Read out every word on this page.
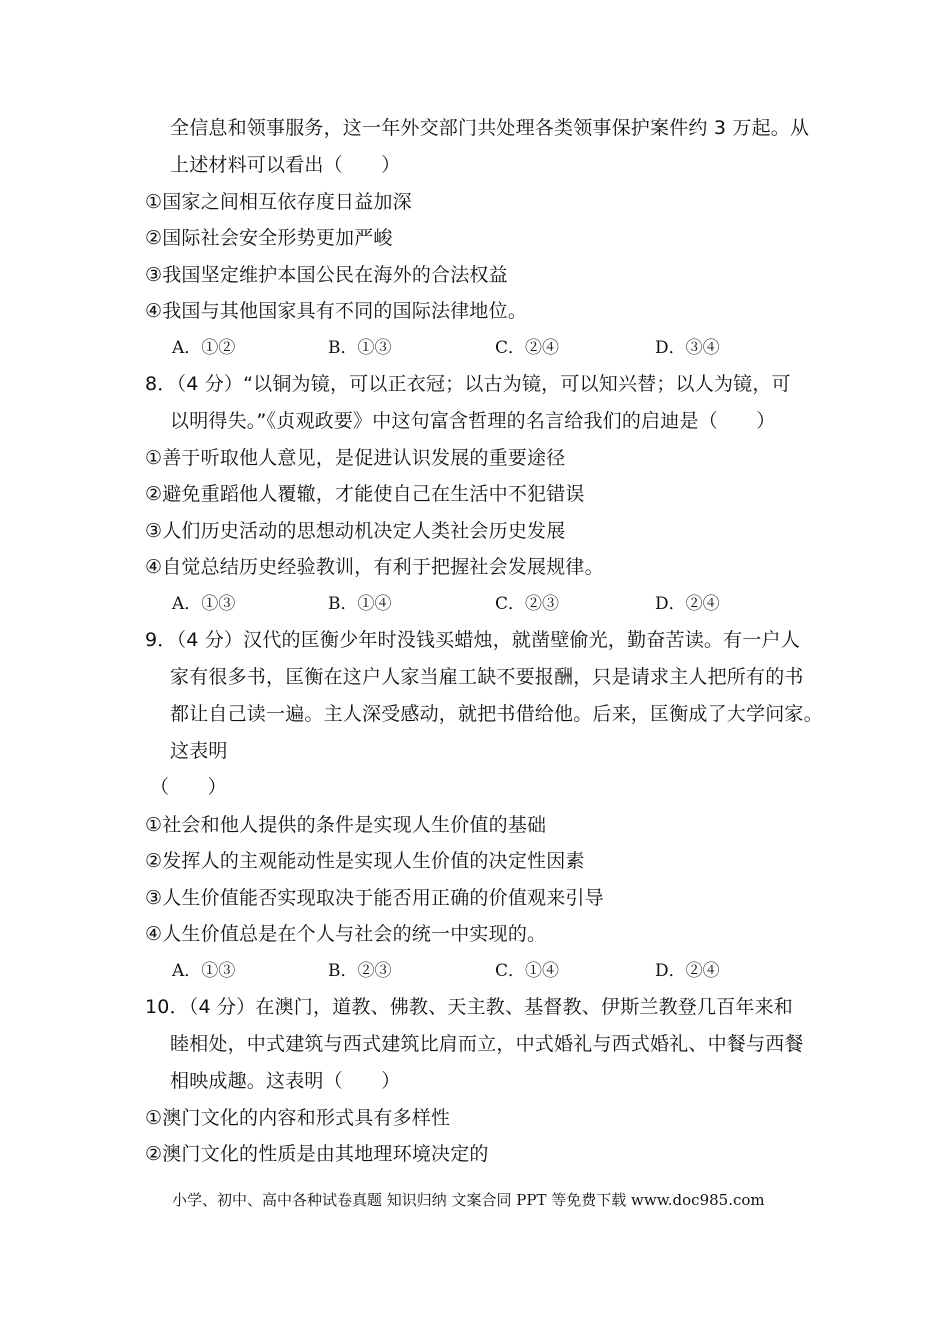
全信息和领事服务，这一年外交部门共处理各类领事保护案件约 3 万起。从
上述材料可以看出（　　）
①国家之间相互依存度日益加深
②国际社会安全形势更加严峻
③我国坚定维护本国公民在海外的合法权益
④我国与其他国家具有不同的国际法律地位。
A．①②	B．①③	C．②④	D．③④
8．（4 分）“以铜为镜，可以正衣冠；以古为镜，可以知兴替；以人为镜，可
以明得失。”《贞观政要》中这句富含哲理的名言给我们的启迪是（　　）
①善于听取他人意见，是促进认识发展的重要途径
②避免重蹈他人覆辙，才能使自己在生活中不犯错误
③人们历史活动的思想动机决定人类社会历史发展
④自觉总结历史经验教训，有利于把握社会发展规律。
A．①③	B．①④	C．②③	D．②④
9．（4 分）汉代的匡衡少年时没钱买蜡烛，就凿壁偷光，勤奋苦读。有一户人
家有很多书，匡衡在这户人家当雇工缺不要报酬，只是请求主人把所有的书
都让自己读一遍。主人深受感动，就把书借给他。后来，匡衡成了大学问家。
这表明
（　　）
①社会和他人提供的条件是实现人生价值的基础
②发挥人的主观能动性是实现人生价值的决定性因素
③人生价值能否实现取决于能否用正确的价值观来引导
④人生价值总是在个人与社会的统一中实现的。
A．①③	B．②③	C．①④	D．②④
10．（4 分）在澳门，道教、佛教、天主教、基督教、伊斯兰教登几百年来和
睦相处，中式建筑与西式建筑比肩而立，中式婚礼与西式婚礼、中餐与西餐
相映成趣。这表明（　　）
①澳门文化的内容和形式具有多样性
②澳门文化的性质是由其地理环境决定的
小学、初中、高中各种试卷真题 知识归纳 文案合同 PPT 等免费下载 www.doc985.com
